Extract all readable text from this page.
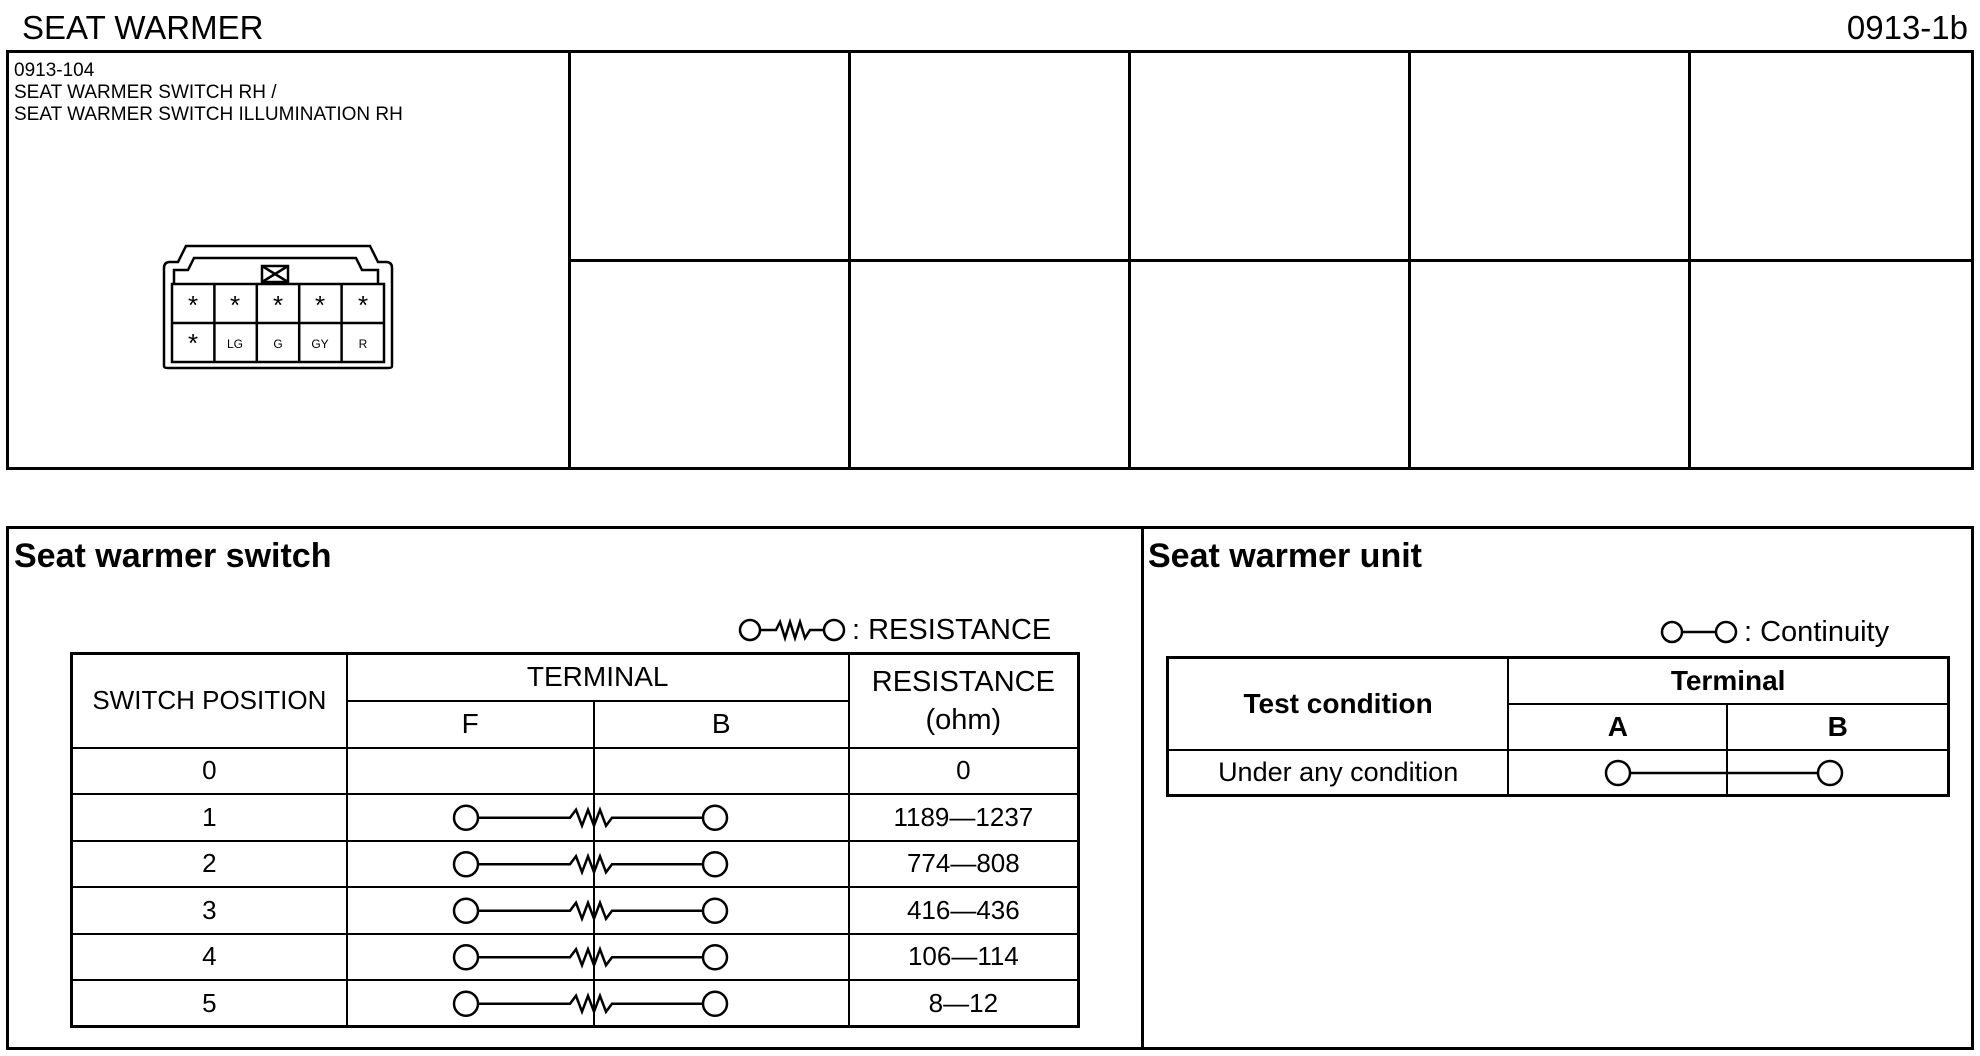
SEAT WARMER	0913-1b
0913-104
SEAT WARMER SWITCH RH /
SEAT WARMER SWITCH ILLUMINATION RH
* * * * *
* LG	G GY R
Seat warmer switch	Seat warmer unit
: RESISTANCE
SWITCH POSITION	TERMINAL		RESISTANCE
(ohm)
	F	B	
0			0
1			1189—1237
2			774—808
3			416—436
4			106—114
5			8—12
: Continuity
Test condition	Terminal	
	A	B
Under any condition		
